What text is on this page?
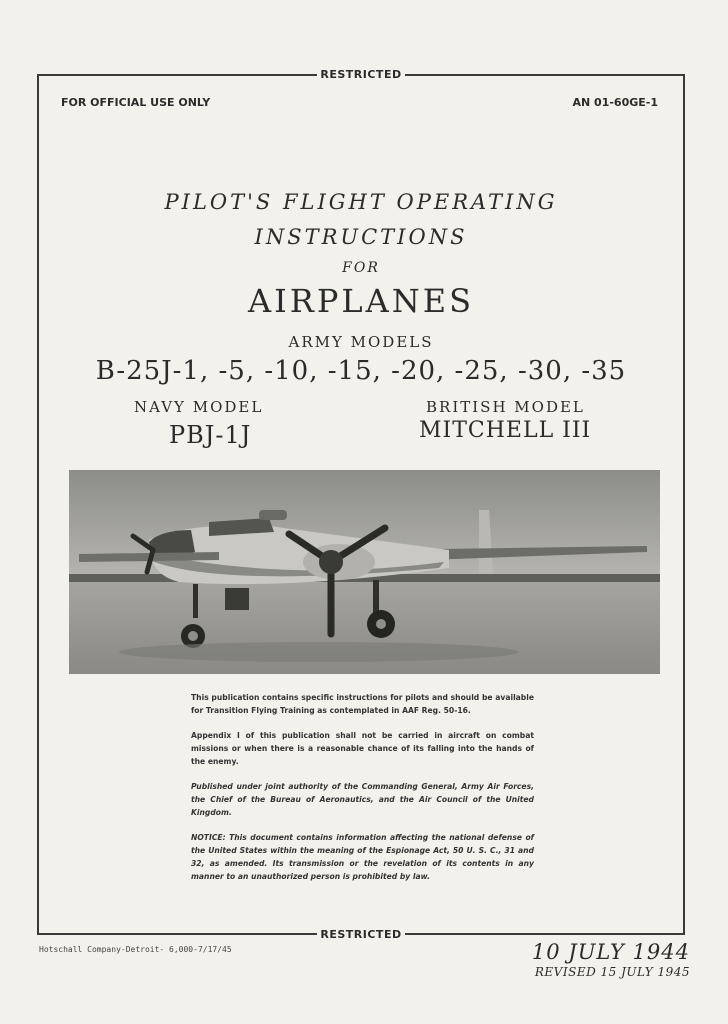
RESTRICTED
FOR OFFICIAL USE ONLY	AN 01-60GE-1
PILOT'S FLIGHT OPERATING
INSTRUCTIONS
FOR
AIRPLANES
ARMY MODELS
B-25J-1, -5, -10, -15, -20, -25, -30, -35
NAVY MODEL
PBJ-1J
BRITISH MODEL
MITCHELL III

This publication contains specific instructions for pilots and should be available for Transition Flying Training as contemplated in AAF Reg. 50-16.

Appendix I of this publication shall not be carried in aircraft on combat missions or when there is a reasonable chance of its falling into the hands of the enemy.

Published under joint authority of the Commanding General, Army Air Forces, the Chief of the Bureau of Aeronautics, and the Air Council of the United Kingdom.

NOTICE: This document contains information affecting the national defense of the United States within the meaning of the Espionage Act, 50 U. S. C., 31 and 32, as amended. Its transmission or the revelation of its contents in any manner to an unauthorized person is prohibited by law.

RESTRICTED
Hotschall Company-Detroit- 6,000-7/17/45	10 JULY 1944
REVISED 15 JULY 1945
